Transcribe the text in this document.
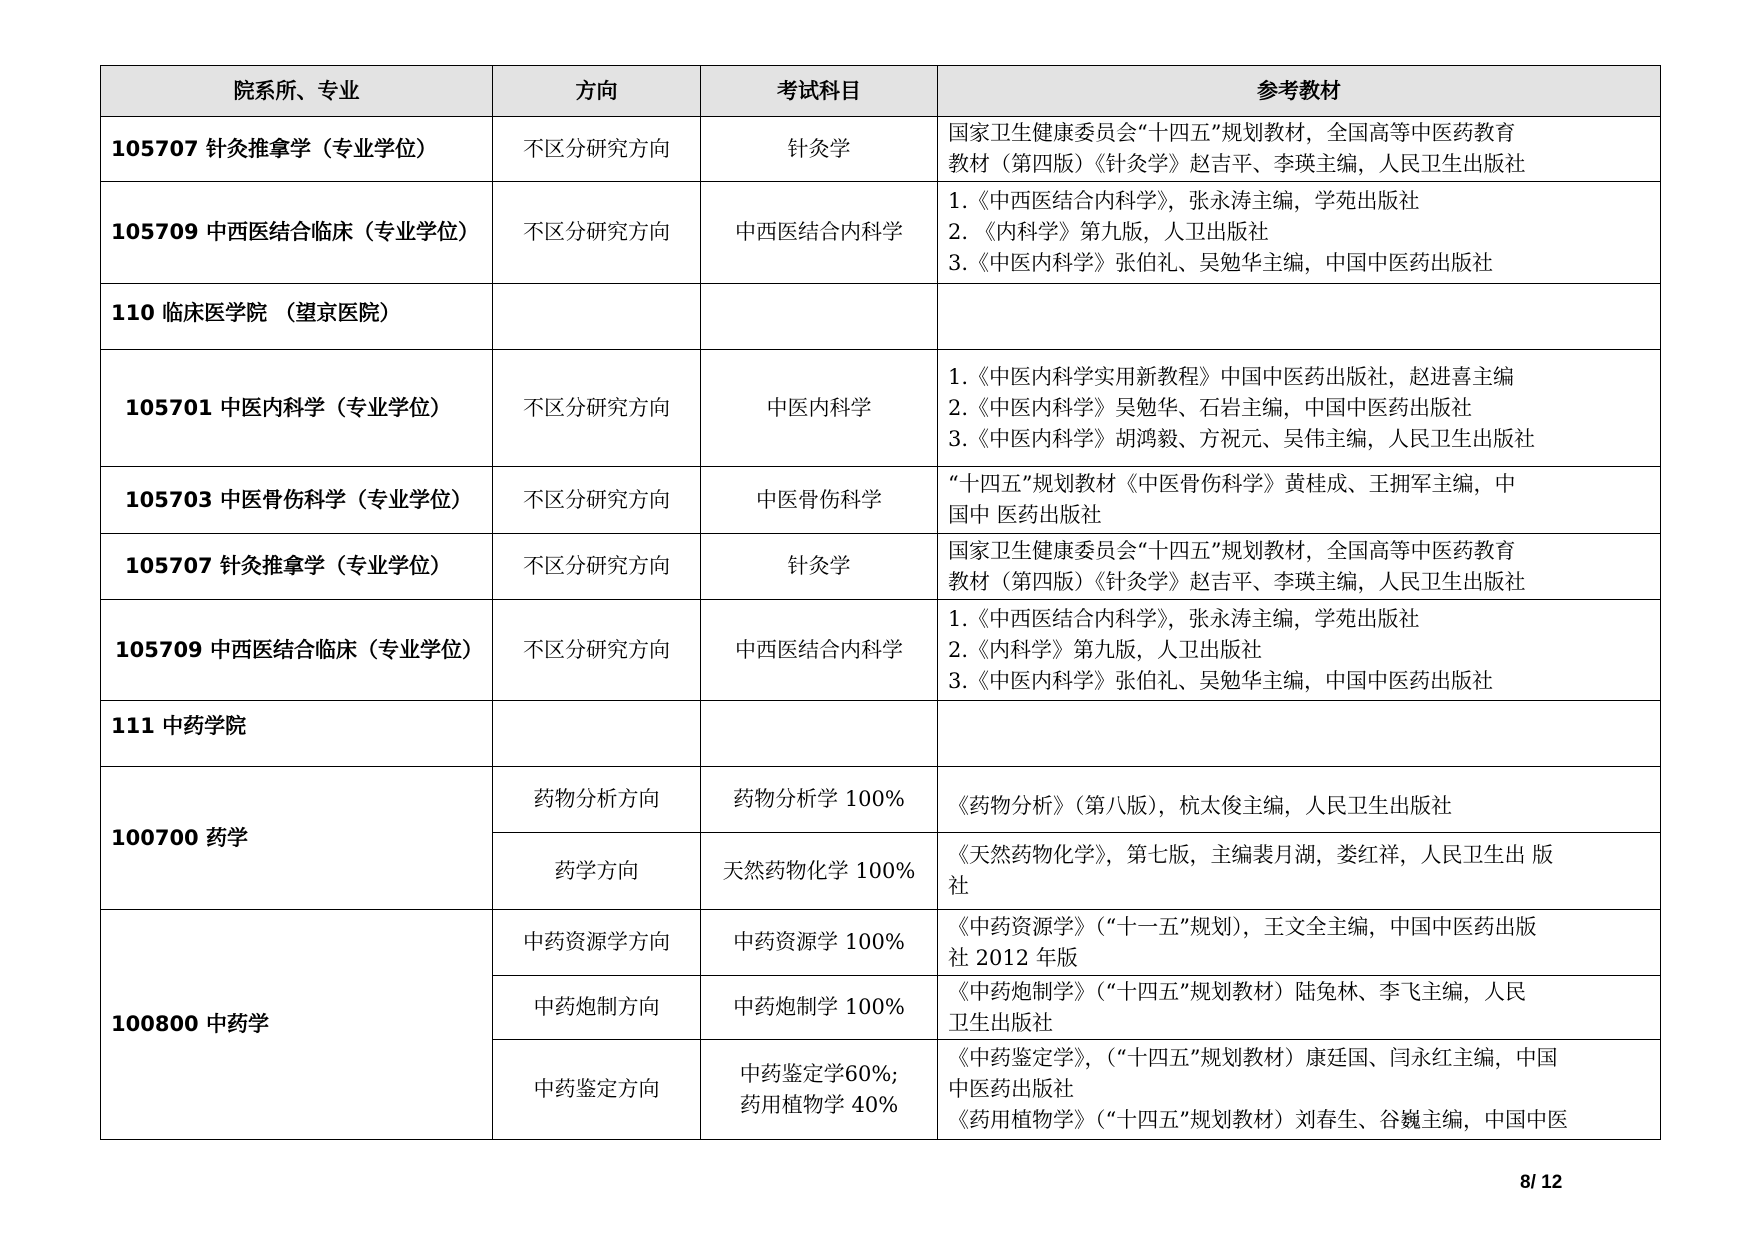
院系所、专业	方向	考试科目	参考教材
105707 针灸推拿学（专业学位）	不区分研究方向	针灸学	国家卫生健康委员会“十四五”规划教材，全国高等中医药教育
教材（第四版）《针灸学》赵吉平、李瑛主编，人民卫生出版社

105709 中西医结合临床（专业学位）	不区分研究方向	中西医结合内科学	1.《中西医结合内科学》，张永涛主编，学苑出版社
2. 《内科学》第九版，人卫出版社
3.《中医内科学》张伯礼、吴勉华主编，中国中医药出版社

110 临床医学院 （望京医院）			
105701 中医内科学（专业学位）	不区分研究方向	中医内科学	1.《中医内科学实用新教程》中国中医药出版社，赵进喜主编
2.《中医内科学》吴勉华、石岩主编，中国中医药出版社
3.《中医内科学》胡鸿毅、方祝元、吴伟主编，人民卫生出版社

105703 中医骨伤科学（专业学位）	不区分研究方向	中医骨伤科学	“十四五”规划教材《中医骨伤科学》黄桂成、王拥军主编，中
国中 医药出版社

105707 针灸推拿学（专业学位）	不区分研究方向	针灸学	国家卫生健康委员会“十四五”规划教材，全国高等中医药教育
教材（第四版）《针灸学》赵吉平、李瑛主编，人民卫生出版社

105709 中西医结合临床（专业学位）	不区分研究方向	中西医结合内科学	1.《中西医结合内科学》，张永涛主编，学苑出版社
2.《内科学》第九版，人卫出版社
3.《中医内科学》张伯礼、吴勉华主编，中国中医药出版社

111 中药学院			
100700 药学	药物分析方向	药物分析学 100%	《药物分析》（第八版），杭太俊主编，人民卫生出版社

	药学方向	天然药物化学 100%	《天然药物化学》，第七版，主编裴月湖，娄红祥，人民卫生出 版
社

100800 中药学	中药资源学方向	中药资源学 100%	《中药资源学》（“十一五”规划），王文全主编，中国中医药出版
社 2012 年版

	中药炮制方向	中药炮制学 100%	《中药炮制学》（“十四五”规划教材）陆兔林、李飞主编，人民
卫生出版社

	中药鉴定方向	中药鉴定学60%;
药用植物学 40%	《中药鉴定学》，（“十四五”规划教材）康廷国、闫永红主编，中国
中医药出版社
《药用植物学》（“十四五”规划教材）刘春生、谷巍主编，中国中医
8/ 12
